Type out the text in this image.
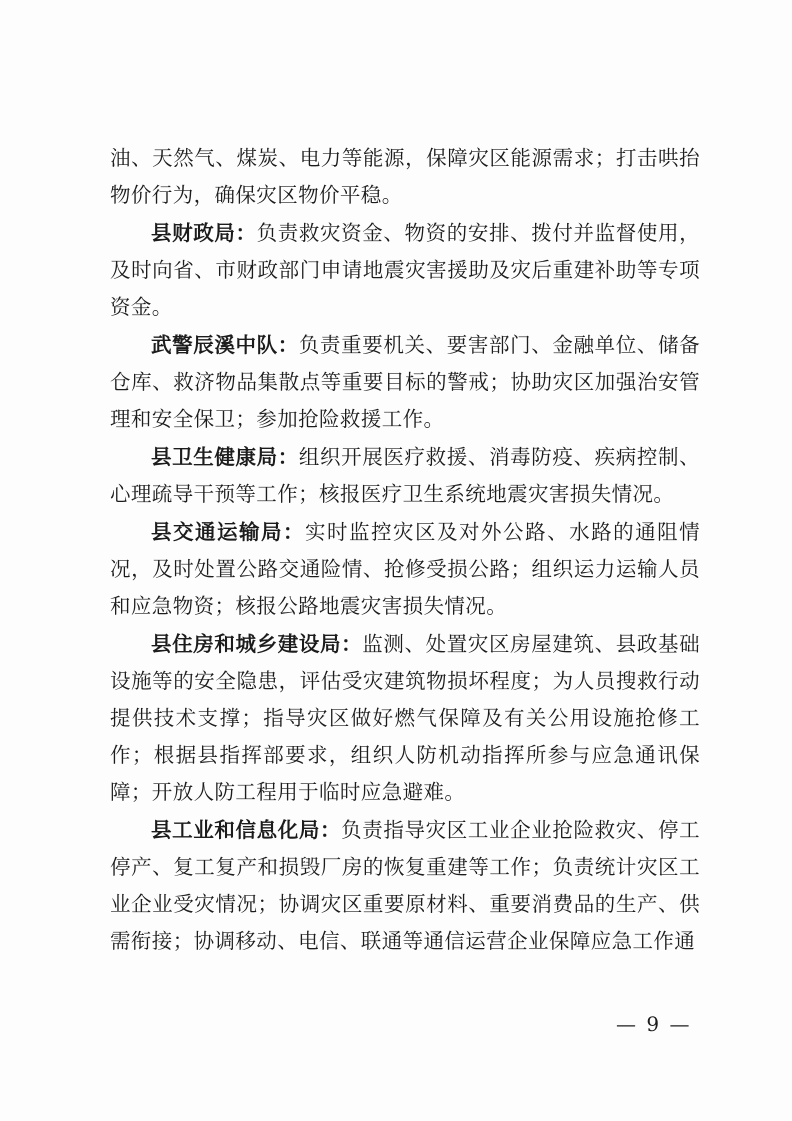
油、天然气、煤炭、电力等能源，保障灾区能源需求；打击哄抬物价行为，确保灾区物价平稳。

县财政局：负责救灾资金、物资的安排、拨付并监督使用，及时向省、市财政部门申请地震灾害援助及灾后重建补助等专项资金。

武警辰溪中队：负责重要机关、要害部门、金融单位、储备仓库、救济物品集散点等重要目标的警戒；协助灾区加强治安管理和安全保卫；参加抢险救援工作。

县卫生健康局：组织开展医疗救援、消毒防疫、疾病控制、心理疏导干预等工作；核报医疗卫生系统地震灾害损失情况。

县交通运输局：实时监控灾区及对外公路、水路的通阻情况，及时处置公路交通险情、抢修受损公路；组织运力运输人员和应急物资；核报公路地震灾害损失情况。

县住房和城乡建设局：监测、处置灾区房屋建筑、县政基础设施等的安全隐患，评估受灾建筑物损坏程度；为人员搜救行动提供技术支撑；指导灾区做好燃气保障及有关公用设施抢修工作；根据县指挥部要求，组织人防机动指挥所参与应急通讯保障；开放人防工程用于临时应急避难。

县工业和信息化局：负责指导灾区工业企业抢险救灾、停工停产、复工复产和损毁厂房的恢复重建等工作；负责统计灾区工业企业受灾情况；协调灾区重要原材料、重要消费品的生产、供需衔接；协调移动、电信、联通等通信运营企业保障应急工作通

— 9 —
